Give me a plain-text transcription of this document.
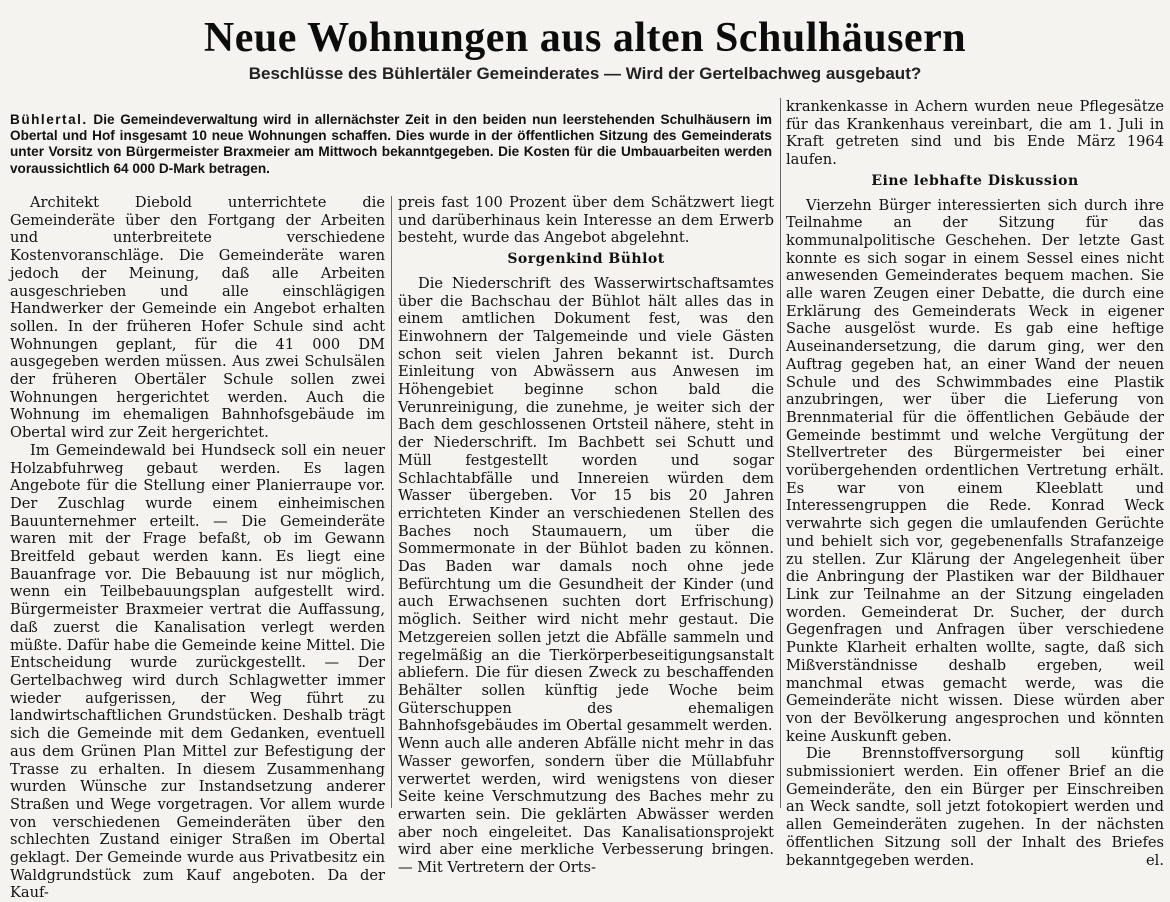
Neue Wohnungen aus alten Schulhäusern
Beschlüsse des Bühlertäler Gemeinderates — Wird der Gertelbachweg ausgebaut?

Bühlertal. Die Gemeindeverwaltung wird in allernächster Zeit in den beiden nun leerstehenden Schulhäusern im Obertal und Hof insgesamt 10 neue Wohnungen schaffen. Dies wurde in der öffentlichen Sitzung des Gemeinderats unter Vorsitz von Bürgermeister Braxmeier am Mittwoch bekanntgegeben. Die Kosten für die Umbauarbeiten werden voraussichtlich 64 000 D-Mark betragen.

Architekt Diebold unterrichtete die Gemeinderäte über den Fortgang der Arbeiten und unterbreitete verschiedene Kostenvoranschläge. Die Gemeinderäte waren jedoch der Meinung, daß alle Arbeiten ausgeschrieben und alle einschlägigen Handwerker der Gemeinde ein Angebot erhalten sollen. In der früheren Hofer Schule sind acht Wohnungen geplant, für die 41 000 DM ausgegeben werden müssen. Aus zwei Schulsälen der früheren Obertäler Schule sollen zwei Wohnungen hergerichtet werden. Auch die Wohnung im ehemaligen Bahnhofsgebäude im Obertal wird zur Zeit hergerichtet.

Im Gemeindewald bei Hundseck soll ein neuer Holzabfuhrweg gebaut werden. Es lagen Angebote für die Stellung einer Planierraupe vor. Der Zuschlag wurde einem einheimischen Bauunternehmer erteilt. — Die Gemeinderäte waren mit der Frage befaßt, ob im Gewann Breitfeld gebaut werden kann. Es liegt eine Bauanfrage vor. Die Bebauung ist nur möglich, wenn ein Teilbebauungsplan aufgestellt wird. Bürgermeister Braxmeier vertrat die Auffassung, daß zuerst die Kanalisation verlegt werden müßte. Dafür habe die Gemeinde keine Mittel. Die Entscheidung wurde zurückgestellt. — Der Gertelbachweg wird durch Schlagwetter immer wieder aufgerissen, der Weg führt zu landwirtschaftlichen Grundstücken. Deshalb trägt sich die Gemeinde mit dem Gedanken, eventuell aus dem Grünen Plan Mittel zur Befestigung der Trasse zu erhalten. In diesem Zusammenhang wurden Wünsche zur Instandsetzung anderer Straßen und Wege vorgetragen. Vor allem wurde von verschiedenen Gemeinderäten über den schlechten Zustand einiger Straßen im Obertal geklagt. Der Gemeinde wurde aus Privatbesitz ein Waldgrundstück zum Kauf angeboten. Da der Kauf-

preis fast 100 Prozent über dem Schätzwert liegt und darüberhinaus kein Interesse an dem Erwerb besteht, wurde das Angebot abgelehnt.

Sorgenkind Bühlot

Die Niederschrift des Wasserwirtschaftsamtes über die Bachschau der Bühlot hält alles das in einem amtlichen Dokument fest, was den Einwohnern der Talgemeinde und viele Gästen schon seit vielen Jahren bekannt ist. Durch Einleitung von Abwässern aus Anwesen im Höhengebiet beginne schon bald die Verunreinigung, die zunehme, je weiter sich der Bach dem geschlossenen Ortsteil nähere, steht in der Niederschrift. Im Bachbett sei Schutt und Müll festgestellt worden und sogar Schlachtabfälle und Innereien würden dem Wasser übergeben. Vor 15 bis 20 Jahren errichteten Kinder an verschiedenen Stellen des Baches noch Staumauern, um über die Sommermonate in der Bühlot baden zu können. Das Baden war damals noch ohne jede Befürchtung um die Gesundheit der Kinder (und auch Erwachsenen suchten dort Erfrischung) möglich. Seither wird nicht mehr gestaut. Die Metzgereien sollen jetzt die Abfälle sammeln und regelmäßig an die Tierkörperbeseitigungsanstalt abliefern. Die für diesen Zweck zu beschaffenden Behälter sollen künftig jede Woche beim Güterschuppen des ehemaligen Bahnhofsgebäudes im Obertal gesammelt werden.

Wenn auch alle anderen Abfälle nicht mehr in das Wasser geworfen, sondern über die Müllabfuhr verwertet werden, wird wenigstens von dieser Seite keine Verschmutzung des Baches mehr zu erwarten sein. Die geklärten Abwässer werden aber noch eingeleitet. Das Kanalisationsprojekt wird aber eine merkliche Verbesserung bringen. — Mit Vertretern der Orts-

krankenkasse in Achern wurden neue Pflegesätze für das Krankenhaus vereinbart, die am 1. Juli in Kraft getreten sind und bis Ende März 1964 laufen.

Eine lebhafte Diskussion

Vierzehn Bürger interessierten sich durch ihre Teilnahme an der Sitzung für das kommunalpolitische Geschehen. Der letzte Gast konnte es sich sogar in einem Sessel eines nicht anwesenden Gemeinderates bequem machen. Sie alle waren Zeugen einer Debatte, die durch eine Erklärung des Gemeinderats Weck in eigener Sache ausgelöst wurde. Es gab eine heftige Auseinandersetzung, die darum ging, wer den Auftrag gegeben hat, an einer Wand der neuen Schule und des Schwimmbades eine Plastik anzubringen, wer über die Lieferung von Brennmaterial für die öffentlichen Gebäude der Gemeinde bestimmt und welche Vergütung der Stellvertreter des Bürgermeister bei einer vorübergehenden ordentlichen Vertretung erhält. Es war von einem Kleeblatt und Interessengruppen die Rede. Konrad Weck verwahrte sich gegen die umlaufenden Gerüchte und behielt sich vor, gegebenenfalls Strafanzeige zu stellen. Zur Klärung der Angelegenheit über die Anbringung der Plastiken war der Bildhauer Link zur Teilnahme an der Sitzung eingeladen worden. Gemeinderat Dr. Sucher, der durch Gegenfragen und Anfragen über verschiedene Punkte Klarheit erhalten wollte, sagte, daß sich Mißverständnisse deshalb ergeben, weil manchmal etwas gemacht werde, was die Gemeinderäte nicht wissen. Diese würden aber von der Bevölkerung angesprochen und könnten keine Auskunft geben.

Die Brennstoffversorgung soll künftig submissioniert werden. Ein offener Brief an die Gemeinderäte, den ein Bürger per Einschreiben an Weck sandte, soll jetzt fotokopiert werden und allen Gemeinderäten zugehen. In der nächsten öffentlichen Sitzung soll der Inhalt des Briefes bekanntgegeben werden.	el.
